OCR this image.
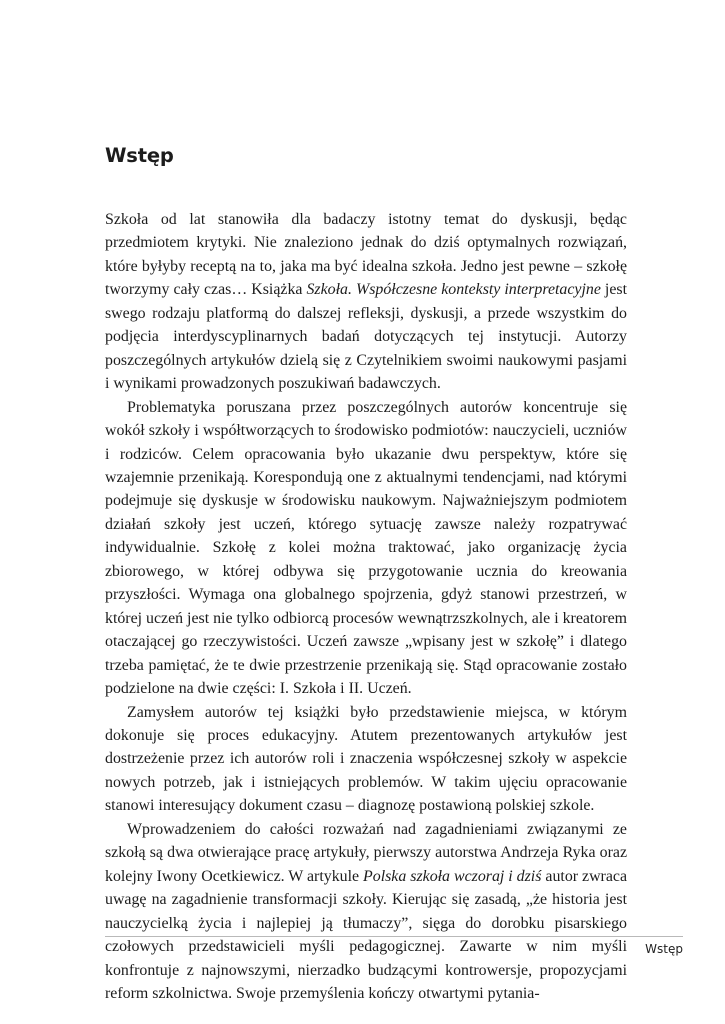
Wstęp

Szkoła od lat stanowiła dla badaczy istotny temat do dyskusji, będąc przedmiotem krytyki. Nie znaleziono jednak do dziś optymalnych rozwiązań, które byłyby receptą na to, jaka ma być idealna szkoła. Jedno jest pewne – szkołę tworzymy cały czas… Książka Szkoła. Współczesne konteksty interpretacyjne jest swego rodzaju platformą do dalszej refleksji, dyskusji, a przede wszystkim do podjęcia interdyscyplinarnych badań dotyczących tej instytucji. Autorzy poszczególnych artykułów dzielą się z Czytelnikiem swoimi naukowymi pasjami i wynikami prowadzonych poszukiwań badawczych.

Problematyka poruszana przez poszczególnych autorów koncentruje się wokół szkoły i współtworzących to środowisko podmiotów: nauczycieli, uczniów i rodziców. Celem opracowania było ukazanie dwu perspektyw, które się wzajemnie przenikają. Korespondują one z aktualnymi tendencjami, nad którymi podejmuje się dyskusje w środowisku naukowym. Najważniejszym podmiotem działań szkoły jest uczeń, którego sytuację zawsze należy rozpatrywać indywidualnie. Szkołę z kolei można traktować, jako organizację życia zbiorowego, w której odbywa się przygotowanie ucznia do kreowania przyszłości. Wymaga ona globalnego spojrzenia, gdyż stanowi przestrzeń, w której uczeń jest nie tylko odbiorcą procesów wewnątrzszkolnych, ale i kreatorem otaczającej go rzeczywistości. Uczeń zawsze „wpisany jest w szkołę” i dlatego trzeba pamiętać, że te dwie przestrzenie przenikają się. Stąd opracowanie zostało podzielone na dwie części: I. Szkoła i II. Uczeń.

Zamysłem autorów tej książki było przedstawienie miejsca, w którym dokonuje się proces edukacyjny. Atutem prezentowanych artykułów jest dostrzeżenie przez ich autorów roli i znaczenia współczesnej szkoły w aspekcie nowych potrzeb, jak i istniejących problemów. W takim ujęciu opracowanie stanowi interesujący dokument czasu – diagnozę postawioną polskiej szkole.

Wprowadzeniem do całości rozważań nad zagadnieniami związanymi ze szkołą są dwa otwierające pracę artykuły, pierwszy autorstwa Andrzeja Ryka oraz kolejny Iwony Ocetkiewicz. W artykule Polska szkoła wczoraj i dziś autor zwraca uwagę na zagadnienie transformacji szkoły. Kierując się zasadą, „że historia jest nauczycielką życia i najlepiej ją tłumaczy”, sięga do dorobku pisarskiego czołowych przedstawicieli myśli pedagogicznej. Zawarte w nim myśli konfrontuje z najnowszymi, nierzadko budzącymi kontrowersje, propozycjami reform szkolnictwa. Swoje przemyślenia kończy otwartymi pytania-

Wstęp
